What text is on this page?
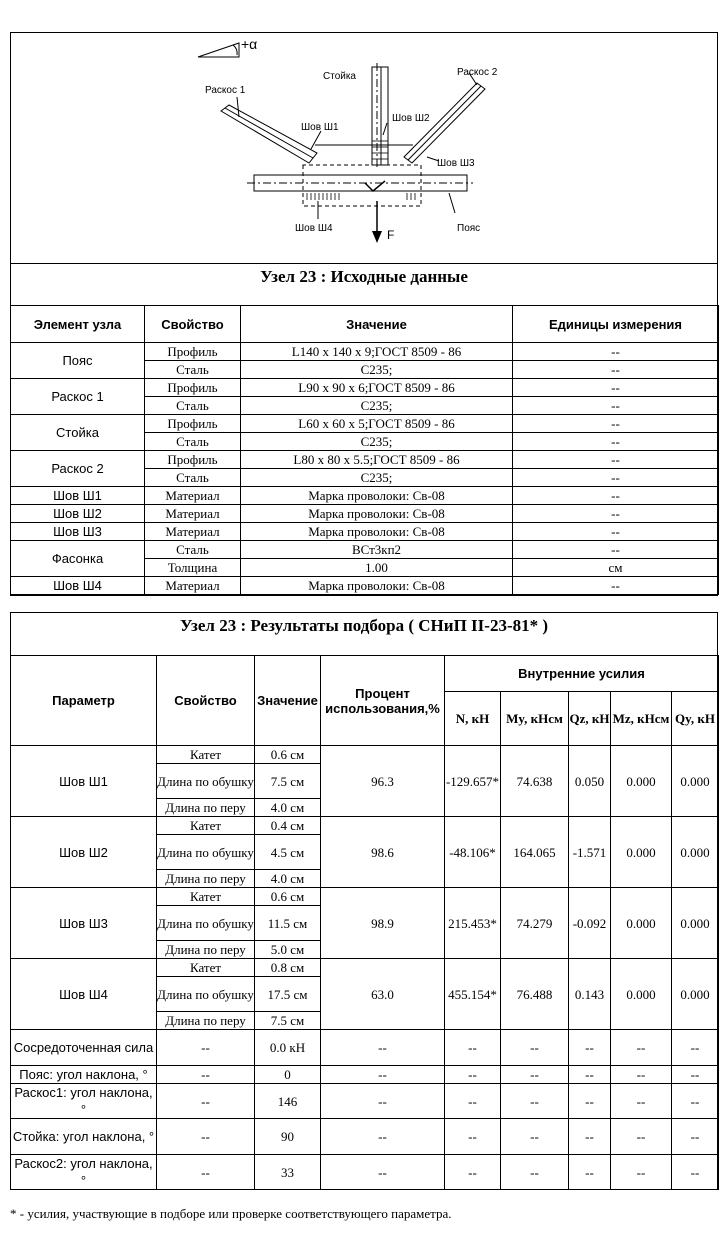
+α
Раскос 1
Стойка	Раскос 2
Шов Ш1
Шов Ш2
Шов Ш3
Шов Ш4	Пояс
F
Узел 23 : Исходные данные
Элемент узла	Свойство	Значение	Единицы измерения
Пояс	Профиль	L140 x 140 x 9;ГОСТ 8509 - 86	--
	Сталь	C235;	--
Раскос 1	Профиль	L90 x 90 x 6;ГОСТ 8509 - 86	--
	Сталь	C235;	--
Стойка	Профиль	L60 x 60 x 5;ГОСТ 8509 - 86	--
	Сталь	C235;	--
Раскос 2	Профиль	L80 x 80 x 5.5;ГОСТ 8509 - 86	--
	Сталь	C235;	--
Шов Ш1	Материал	Марка проволоки: Св-08	--
Шов Ш2	Материал	Марка проволоки: Св-08	--
Шов Ш3	Материал	Марка проволоки: Св-08	--
Фасонка	Сталь	ВСт3кп2	--
	Толщина	1.00	см
Шов Ш4	Материал	Марка проволоки: Св-08	--
Узел 23 : Результаты подбора ( СНиП II-23-81* )
Параметр	Свойство	Значение	Процент использования,%	Внутренние усилия				
				N, кН	My, кНсм	Qz, кН	Mz, кНсм	Qy, кН
Шов Ш1	Катет	0.6 см	96.3	-129.657*	74.638	0.050	0.000	0.000
	Длина по обушку	7.5 см						
	Длина по перу	4.0 см						
Шов Ш2	Катет	0.4 см	98.6	-48.106*	164.065	-1.571	0.000	0.000
	Длина по обушку	4.5 см						
	Длина по перу	4.0 см						
Шов Ш3	Катет	0.6 см	98.9	215.453*	74.279	-0.092	0.000	0.000
	Длина по обушку	11.5 см						
	Длина по перу	5.0 см						
Шов Ш4	Катет	0.8 см	63.0	455.154*	76.488	0.143	0.000	0.000
	Длина по обушку	17.5 см						
	Длина по перу	7.5 см						
Сосредоточенная сила	--	0.0 кН	--	--	--	--	--	--
Пояс: угол наклона, °	--	0	--	--	--	--	--	--
Раскос1: угол наклона, °	--	146	--	--	--	--	--	--
Стойка: угол наклона, °	--	90	--	--	--	--	--	--
Раскос2: угол наклона, °	--	33	--	--	--	--	--	--
* - усилия, участвующие в подборе или проверке соответствующего параметра.
